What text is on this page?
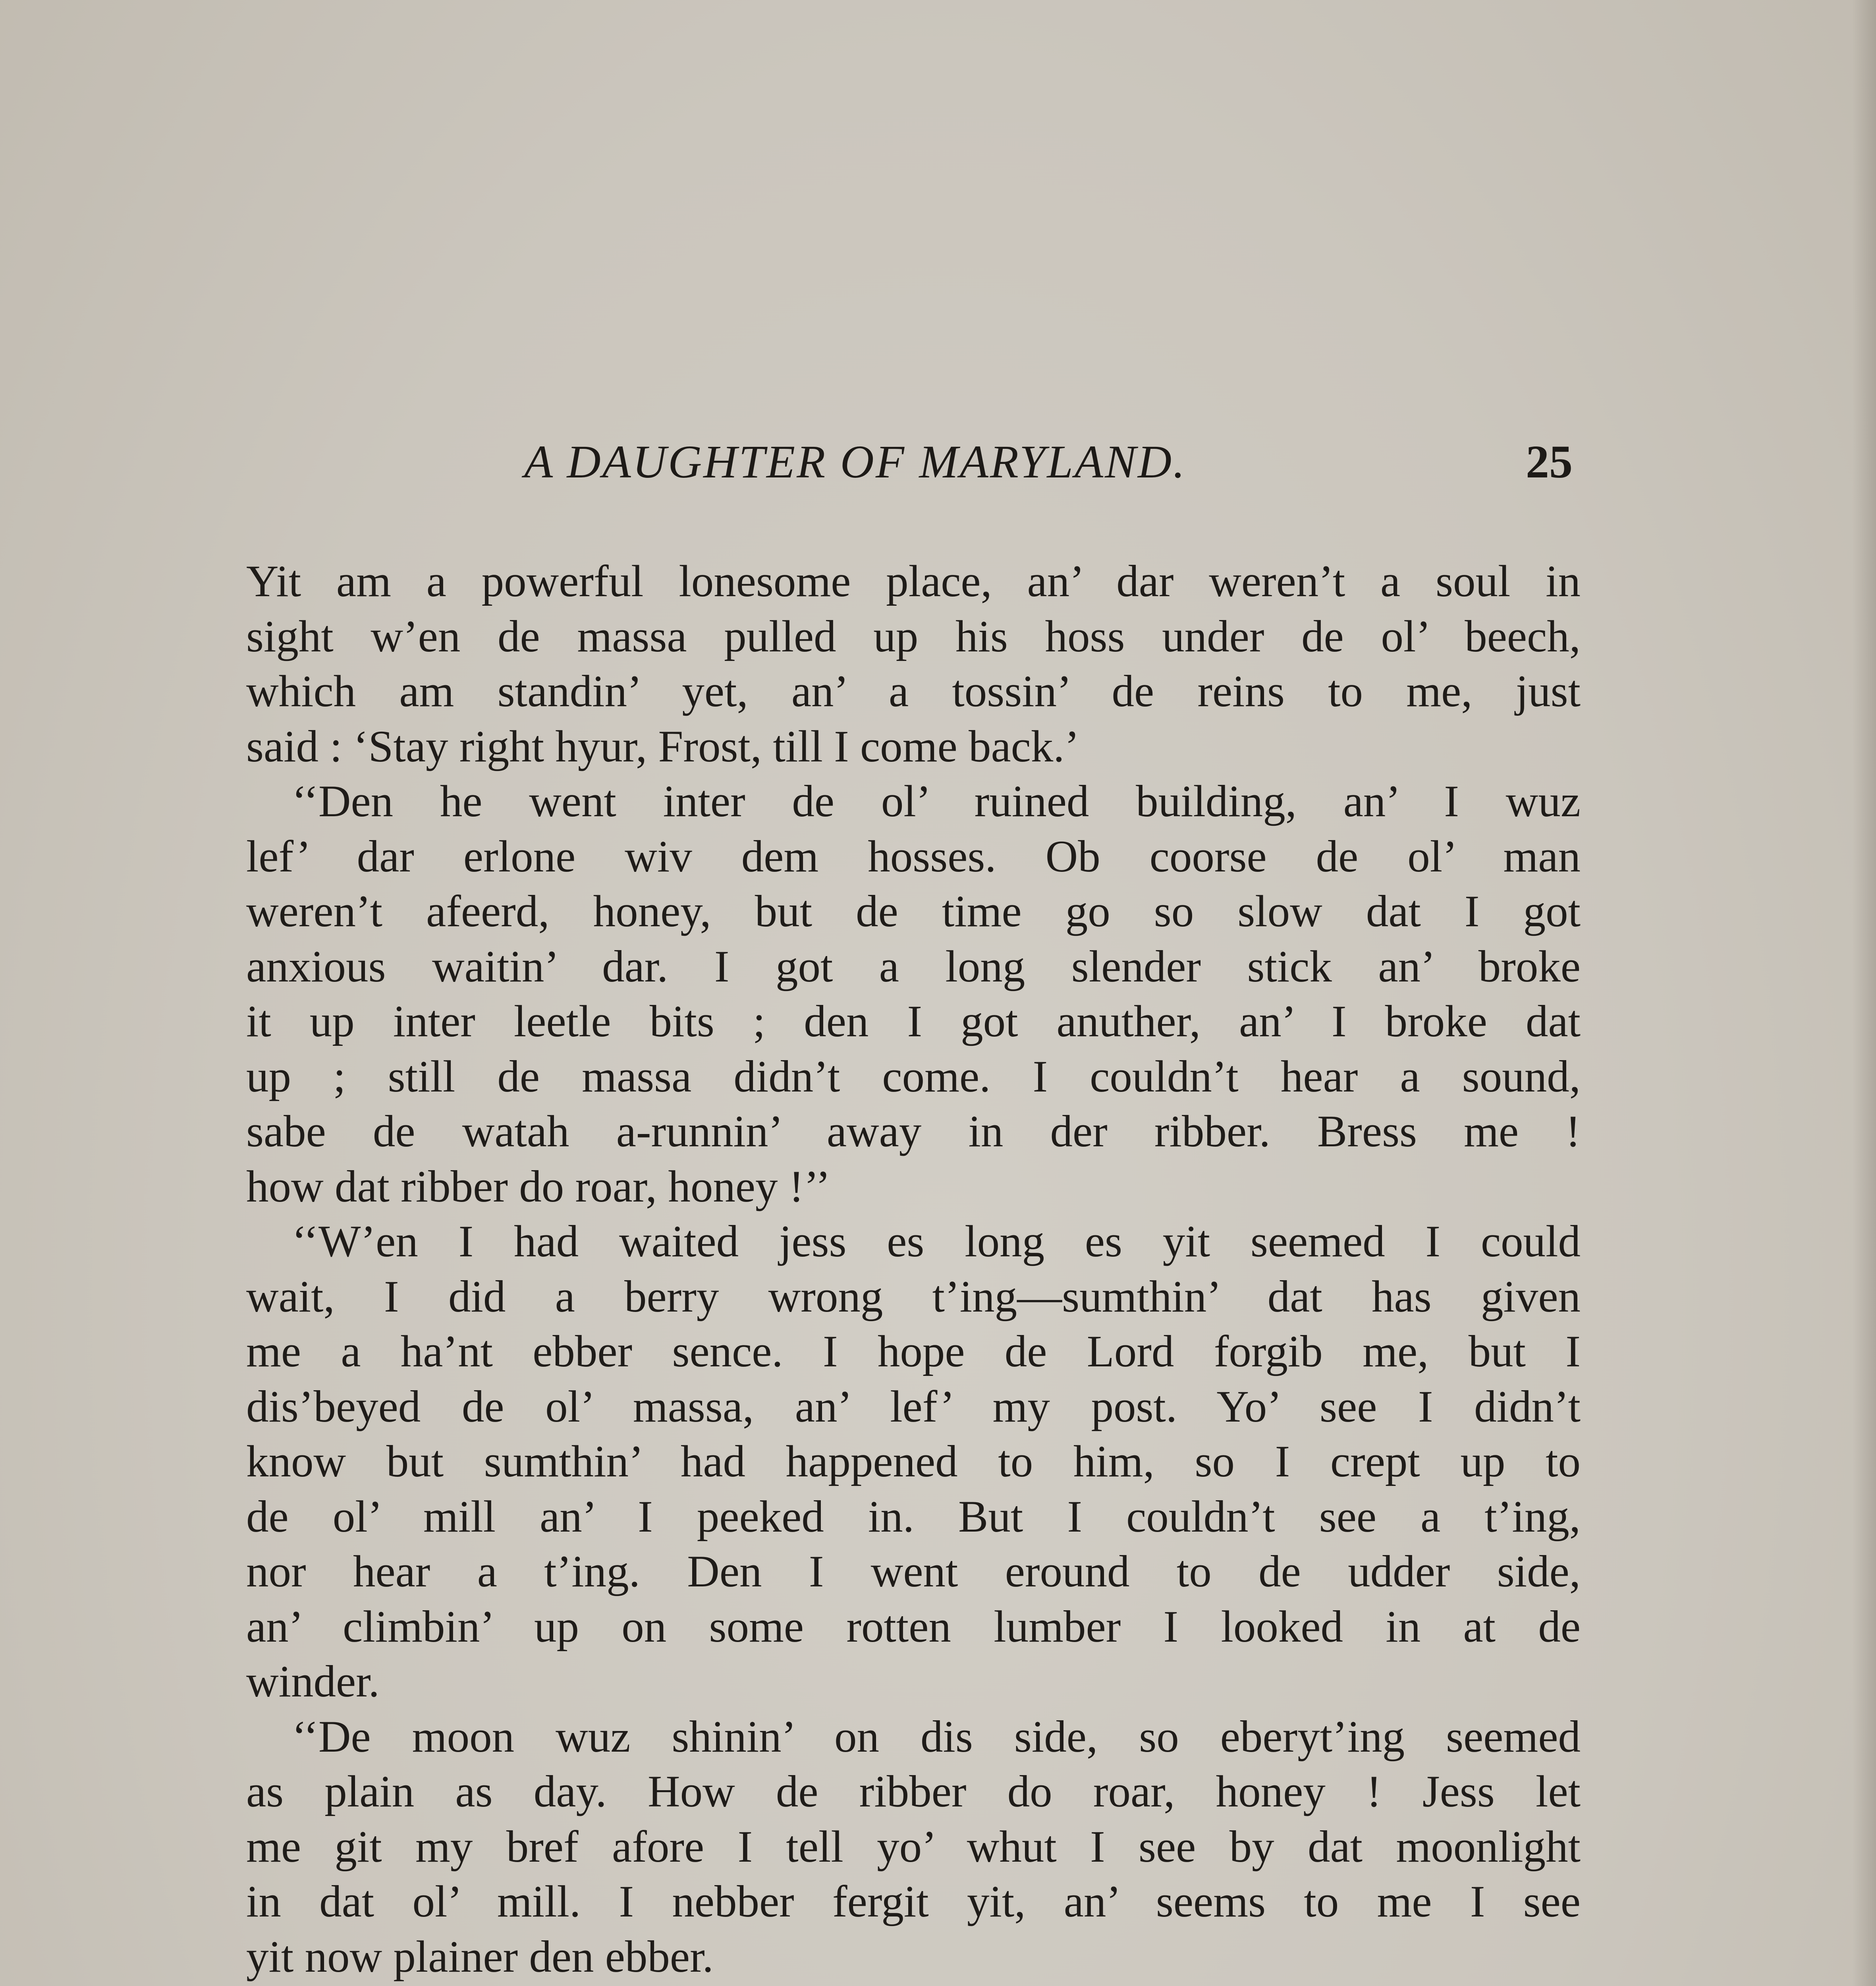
A DAUGHTER OF MARYLAND.	25
Yit am a powerful lonesome place, an’ dar weren’t a soul in
sight w’en de massa pulled up his hoss under de ol’ beech,
which am standin’ yet, an’ a tossin’ de reins to me, just
said : ‘Stay right hyur, Frost, till I come back.’
‘‘Den he went inter de ol’ ruined building, an’ I wuz
lef’ dar erlone wiv dem hosses. Ob coorse de ol’ man
weren’t afeerd, honey, but de time go so slow dat I got
anxious waitin’ dar. I got a long slender stick an’ broke
it up inter leetle bits ; den I got anuther, an’ I broke dat
up ; still de massa didn’t come. I couldn’t hear a sound,
sabe de watah a-runnin’ away in der ribber. Bress me !
how dat ribber do roar, honey !’’
‘‘W’en I had waited jess es long es yit seemed I could
wait, I did a berry wrong t’ing—sumthin’ dat has given
me a ha’nt ebber sence. I hope de Lord forgib me, but I
dis’beyed de ol’ massa, an’ lef’ my post. Yo’ see I didn’t
know but sumthin’ had happened to him, so I crept up to
de ol’ mill an’ I peeked in. But I couldn’t see a t’ing,
nor hear a t’ing. Den I went eround to de udder side,
an’ climbin’ up on some rotten lumber I looked in at de
winder.
‘‘De moon wuz shinin’ on dis side, so eberyt’ing seemed
as plain as day. How de ribber do roar, honey ! Jess let
me git my bref afore I tell yo’ whut I see by dat moonlight
in dat ol’ mill. I nebber fergit yit, an’ seems to me I see
yit now plainer den ebber.
